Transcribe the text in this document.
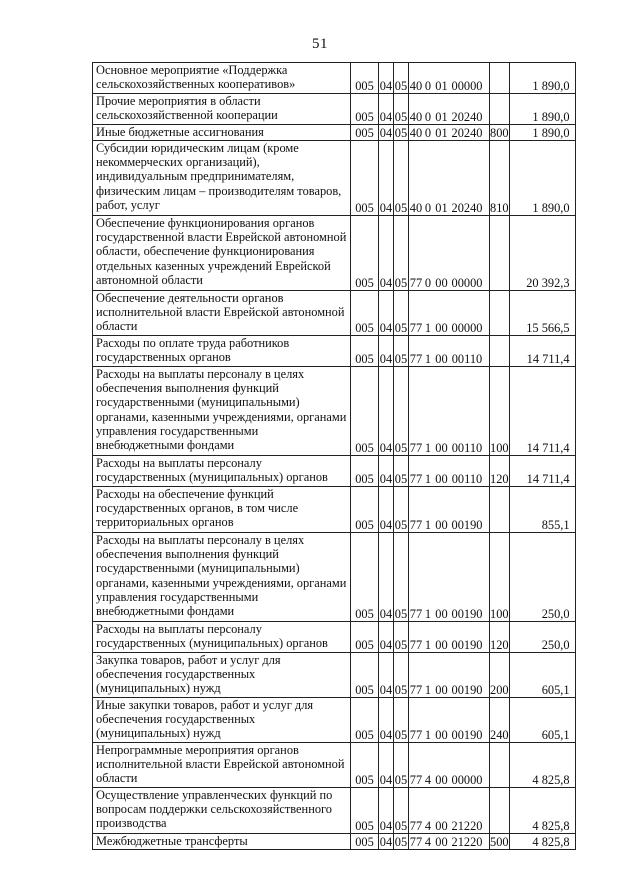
51
Основное мероприятие «Поддержка сельскохозяйственных кооперативов»	005	04	05	40 0 01 00000		1 890,0
Прочие мероприятия в области сельскохозяйственной кооперации	005	04	05	40 0 01 20240		1 890,0
Иные бюджетные ассигнования	005	04	05	40 0 01 20240	800	1 890,0
Субсидии юридическим лицам (кроме некоммерческих организаций), индивидуальным предпринимателям, физическим лицам – производителям товаров, работ, услуг	005	04	05	40 0 01 20240	810	1 890,0
Обеспечение функционирования органов государственной власти Еврейской автономной области, обеспечение функционирования отдельных казенных учреждений Еврейской автономной области	005	04	05	77 0 00 00000		20 392,3
Обеспечение деятельности органов исполнительной власти Еврейской автономной области	005	04	05	77 1 00 00000		15 566,5
Расходы по оплате труда работников государственных органов	005	04	05	77 1 00 00110		14 711,4
Расходы на выплаты персоналу в целях обеспечения выполнения функций государственными (муниципальными) органами, казенными учреждениями, органами управления государственными внебюджетными фондами	005	04	05	77 1 00 00110	100	14 711,4
Расходы на выплаты персоналу государственных (муниципальных) органов	005	04	05	77 1 00 00110	120	14 711,4
Расходы на обеспечение функций государственных органов, в том числе территориальных органов	005	04	05	77 1 00 00190		855,1
Расходы на выплаты персоналу в целях обеспечения выполнения функций государственными (муниципальными) органами, казенными учреждениями, органами управления государственными внебюджетными фондами	005	04	05	77 1 00 00190	100	250,0
Расходы на выплаты персоналу государственных (муниципальных) органов	005	04	05	77 1 00 00190	120	250,0
Закупка товаров, работ и услуг для обеспечения государственных (муниципальных) нужд	005	04	05	77 1 00 00190	200	605,1
Иные закупки товаров, работ и услуг для обеспечения государственных (муниципальных) нужд	005	04	05	77 1 00 00190	240	605,1
Непрограммные мероприятия органов исполнительной власти Еврейской автономной области	005	04	05	77 4 00 00000		4 825,8
Осуществление управленческих функций по вопросам поддержки сельскохозяйственного производства	005	04	05	77 4 00 21220		4 825,8
Межбюджетные трансферты	005	04	05	77 4 00 21220	500	4 825,8
